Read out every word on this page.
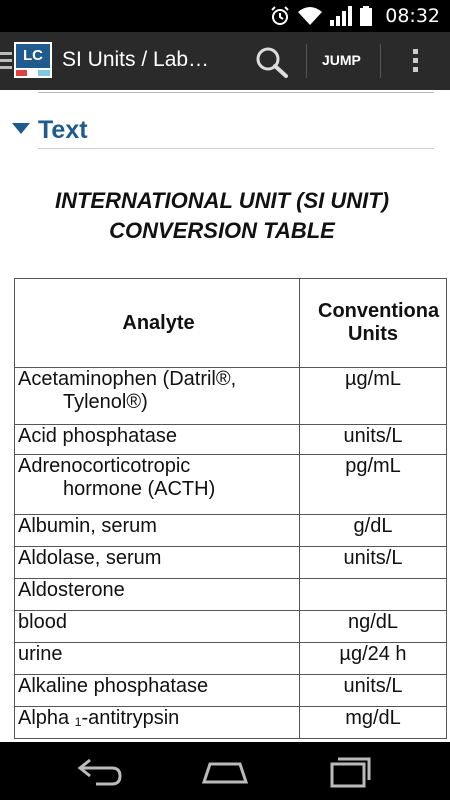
08:32
LC SI Units / Lab…	JUMP
Text
INTERNATIONAL UNIT (SI UNIT)
CONVERSION TABLE
Analyte	Conventiona
Units

Acetaminophen (Datril®,
Tylenol®)	µg/mL
Acid phosphatase	units/L

Adrenocorticotropic
hormone (ACTH)	pg/mL
Albumin, serum	g/dL
Aldolase, serum	units/L
Aldosterone	
blood	ng/dL
urine	µg/24 h
Alkaline phosphatase	units/L
Alpha ₁-antitrypsin	mg/dL
